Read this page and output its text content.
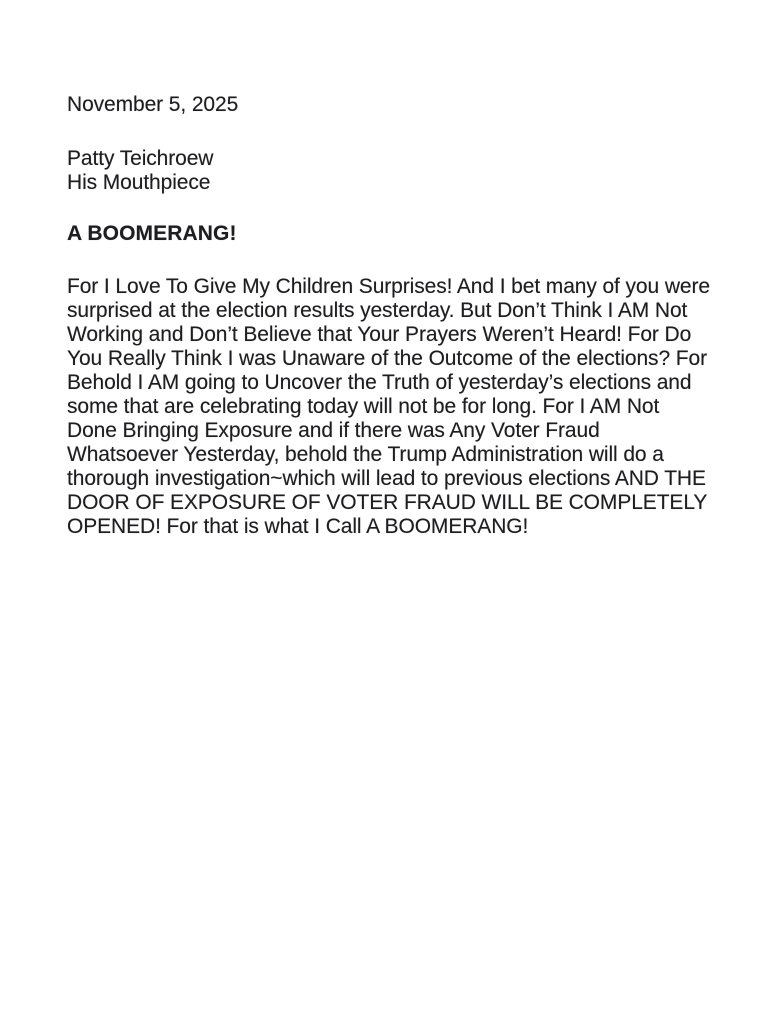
November 5, 2025
Patty Teichroew
His Mouthpiece
A BOOMERANG!
For I Love To Give My Children Surprises! And I bet many of you were
surprised at the election results yesterday. But Don’t Think I AM Not
Working and Don’t Believe that Your Prayers Weren’t Heard! For Do
You Really Think I was Unaware of the Outcome of the elections? For
Behold I AM going to Uncover the Truth of yesterday’s elections and
some that are celebrating today will not be for long. For I AM Not
Done Bringing Exposure and if there was Any Voter Fraud
Whatsoever Yesterday, behold the Trump Administration will do a
thorough investigation~which will lead to previous elections AND THE
DOOR OF EXPOSURE OF VOTER FRAUD WILL BE COMPLETELY
OPENED! For that is what I Call A BOOMERANG!
